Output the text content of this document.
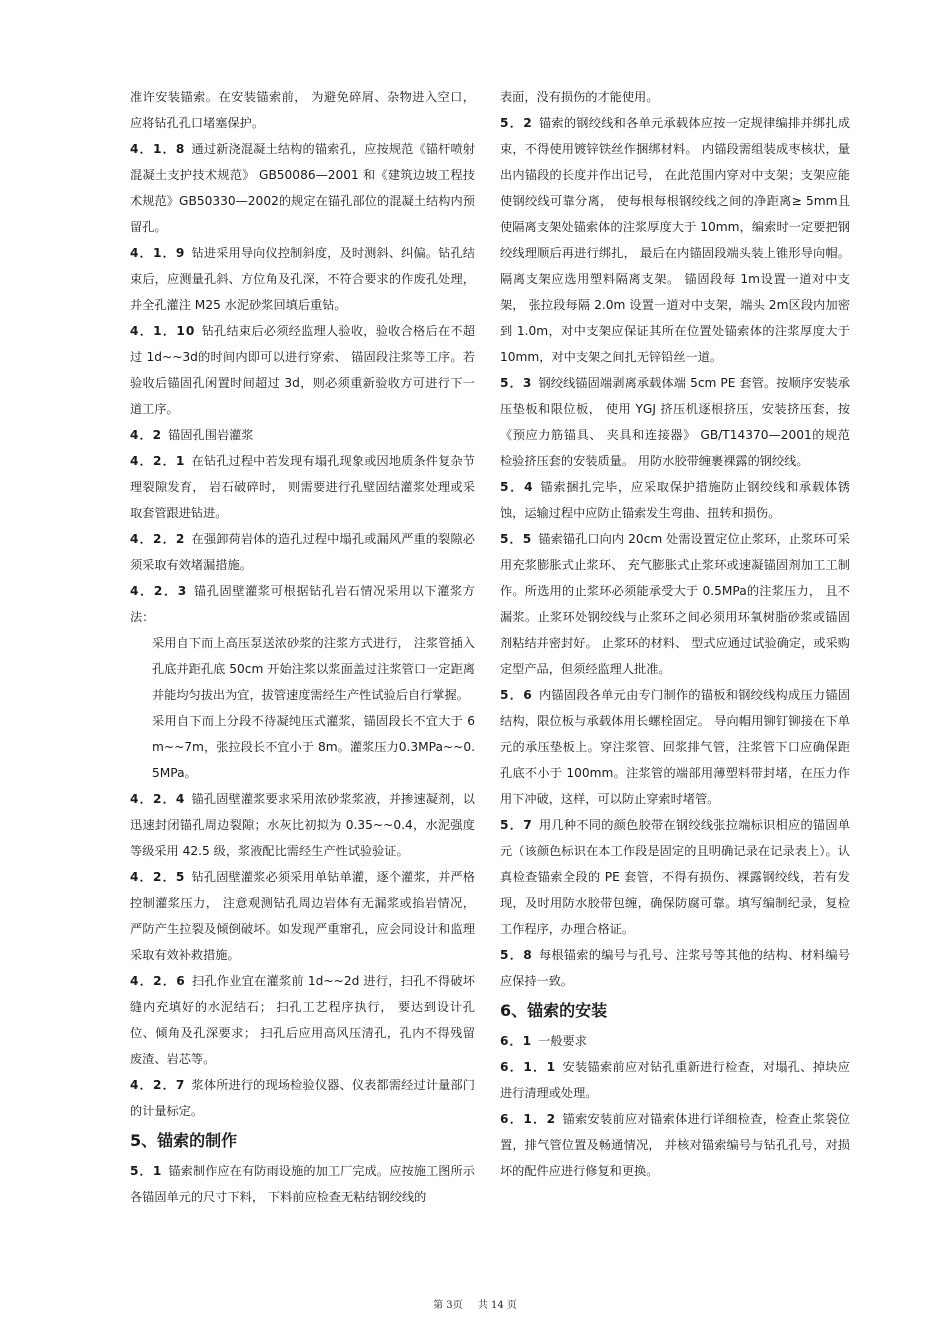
准许安装锚索。在安装锚索前， 为避免碎屑、杂物进入空口，应将钻孔孔口堵塞保护。
4．1．8 通过新浇混凝土结构的锚索孔，应按规范《锚杆喷射混凝土支护技术规范》 GB50086—2001 和《建筑边坡工程技术规范》GB50330—2002的规定在锚孔部位的混凝土结构内预留孔。
4．1．9 钻进采用导向仪控制斜度，及时测斜、纠偏。钻孔结束后，应测量孔斜、方位角及孔深，不符合要求的作废孔处理，并全孔灌注 M25 水泥砂浆回填后重钻。
4．1．10 钻孔结束后必须经监理人验收，验收合格后在不超过 1d~~3d的时间内即可以进行穿索、 锚固段注浆等工序。若验收后锚固孔闲置时间超过 3d，则必须重新验收方可进行下一道工序。
4．2 锚固孔围岩灌浆
4．2．1 在钻孔过程中若发现有塌孔现象或因地质条件复杂节理裂隙发育， 岩石破碎时， 则需要进行孔壁固结灌浆处理或采取套管跟进钻进。
4．2．2 在强卸荷岩体的造孔过程中塌孔或漏风严重的裂隙必须采取有效堵漏措施。
4．2．3 锚孔固壁灌浆可根据钻孔岩石情况采用以下灌浆方法：
采用自下而上高压泵送浓砂浆的注浆方式进行， 注浆管插入孔底并距孔底 50cm 开始注浆以浆面盖过注浆管口一定距离并能均匀拔出为宜，拔管速度需经生产性试验后自行掌握。
采用自下而上分段不待凝纯压式灌浆，锚固段长不宜大于 6m~~7m，张拉段长不宜小于 8m。灌浆压力0.3MPa~~0.5MPa。
4．2．4 锚孔固壁灌浆要求采用浓砂浆浆液，并掺速凝剂，以迅速封闭锚孔周边裂隙；水灰比初拟为 0.35~~0.4，水泥强度等级采用 42.5 级，浆液配比需经生产性试验验证。
4．2．5 钻孔固壁灌浆必须采用单钻单灌，逐个灌浆，并严格控制灌浆压力， 注意观测钻孔周边岩体有无漏浆或掐岩情况，严防产生拉裂及倾倒破坏。如发现严重窜孔，应会同设计和监理采取有效补救措施。
4．2．6 扫孔作业宜在灌浆前 1d~~2d 进行，扫孔不得破坏缝内充填好的水泥结石； 扫孔工艺程序执行， 要达到设计孔位、倾角及孔深要求； 扫孔后应用高风压清孔，孔内不得残留废渣、岩芯等。
4．2．7 浆体所进行的现场检验仪器、仪表都需经过计量部门的计量标定。
5、锚索的制作
5．1 锚索制作应在有防雨设施的加工厂完成。应按施工图所示各锚固单元的尺寸下料， 下料前应检查无粘结钢绞线的
表面，没有损伤的才能使用。
5．2 锚索的钢绞线和各单元承载体应按一定规律编排并绑扎成束，不得使用镀锌铁丝作捆绑材料。 内锚段需组装成枣核状，量出内锚段的长度并作出记号， 在此范围内穿对中支架；支架应能使钢绞线可靠分离， 使每根每根钢绞线之间的净距离≥ 5mm且使隔离支架处锚索体的注浆厚度大于 10mm，编索时一定要把钢绞线理顺后再进行绑扎， 最后在内锚固段端头装上锥形导向帽。 隔离支架应选用塑料隔离支架。 锚固段每 1m设置一道对中支架， 张拉段每隔 2.0m 设置一道对中支架，端头 2m区段内加密到 1.0m，对中支架应保证其所在位置处锚索体的注浆厚度大于 10mm，对中支架之间扎无锌铅丝一道。
5．3 钢绞线锚固端剥离承载体端 5cm PE 套管。按顺序安装承压垫板和限位板， 使用 YGJ 挤压机逐根挤压，安装挤压套，按《预应力筋锚具、 夹具和连接器》 GB/T14370—2001的规范检验挤压套的安装质量。 用防水胶带缠裹裸露的钢绞线。
5．4 锚索捆扎完毕，应采取保护措施防止钢绞线和承载体锈蚀，运输过程中应防止锚索发生弯曲、扭转和损伤。
5．5 锚索锚孔口向内 20cm 处需设置定位止浆环，止浆环可采用充浆膨胀式止浆环、 充气膨胀式止浆环或速凝锚固剂加工工制作。所选用的止浆环必须能承受大于 0.5MPa的注浆压力， 且不漏浆。止浆环处钢绞线与止浆环之间必须用环氧树脂砂浆或锚固剂粘结并密封好。 止浆环的材料、 型式应通过试验确定，或采购定型产品，但须经监理人批准。
5．6 内锚固段各单元由专门制作的锚板和钢绞线构成压力锚固结构，限位板与承载体用长螺栓固定。 导向帽用铆钉铆接在下单元的承压垫板上。穿注浆管、回浆排气管，注浆管下口应确保距孔底不小于 100mm。注浆管的端部用薄塑料带封堵，在压力作用下冲破，这样，可以防止穿索时堵管。
5．7 用几种不同的颜色胶带在钢绞线张拉端标识相应的锚固单元（该颜色标识在本工作段是固定的且明确记录在记录表上）。认真检查锚索全段的 PE 套管，不得有损伤、裸露钢绞线，若有发现，及时用防水胶带包缠，确保防腐可靠。填写编制纪录，复检工作程序，办理合格证。
5．8 每根锚索的编号与孔号、注浆号等其他的结构、材料编号应保持一致。
6、锚索的安装
6．1 一般要求
6．1．1 安装锚索前应对钻孔重新进行检查，对塌孔、掉块应进行清理或处理。
6．1．2 锚索安装前应对锚索体进行详细检查，检查止浆袋位置，排气管位置及畅通情况， 并核对锚索编号与钻孔孔号，对损坏的配件应进行修复和更换。
第 3页 共 14 页
